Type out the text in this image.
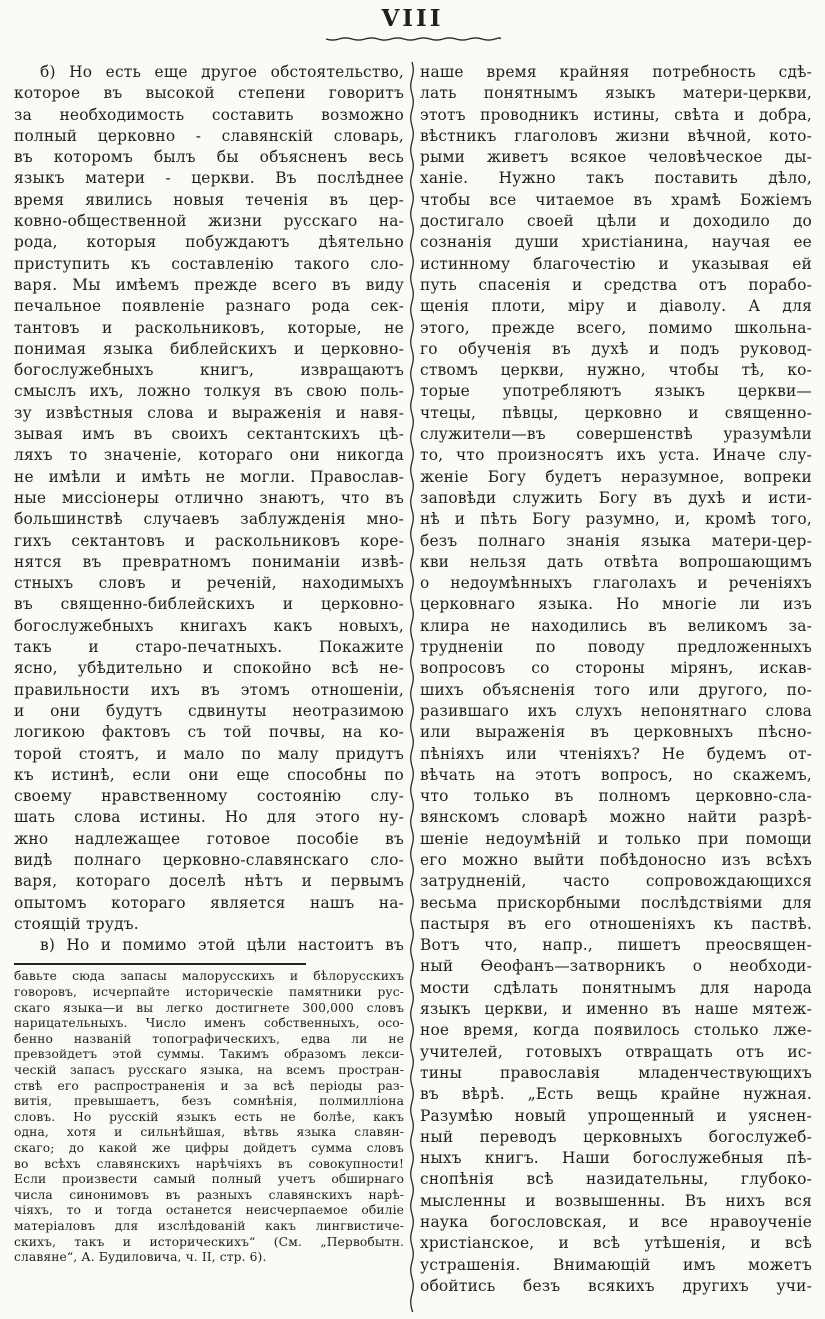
VIII
б) Но есть еще другое обстоятельство,
которое въ высокой степени говоритъ
за необходимость составить возможно
полный церковно - славянскій словарь,
въ которомъ былъ бы объясненъ весь
языкъ матери - церкви. Въ послѣднее
время явились новыя теченія въ цер-
ковно-общественной жизни русскаго на-
рода, которыя побуждаютъ дѣятельно
приступить къ составленію такого сло-
варя. Мы имѣемъ прежде всего въ виду
печальное появленіе разнаго рода сек-
тантовъ и раскольниковъ, которые, не
понимая языка библейскихъ и церковно-
богослужебныхъ книгъ, извращаютъ
смыслъ ихъ, ложно толкуя въ свою поль-
зу извѣстныя слова и выраженія и навя-
зывая имъ въ своихъ сектантскихъ цѣ-
ляхъ то значеніе, котораго они никогда
не имѣли и имѣть не могли. Православ-
ные миссіонеры отлично знаютъ, что въ
большинствѣ случаевъ заблужденія мно-
гихъ сектантовъ и раскольниковъ коре-
нятся въ превратномъ пониманіи извѣ-
стныхъ словъ и реченій, находимыхъ
въ священно-библейскихъ и церковно-
богослужебныхъ книгахъ какъ новыхъ,
такъ и старо-печатныхъ. Покажите
ясно, убѣдительно и спокойно всѣ не-
правильности ихъ въ этомъ отношеніи,
и они будутъ сдвинуты неотразимою
логикою фактовъ съ той почвы, на ко-
торой стоятъ, и мало по малу придутъ
къ истинѣ, если они еще способны по
своему нравственному состоянію слу-
шать слова истины. Но для этого ну-
жно надлежащее готовое пособіе въ
видѣ полнаго церковно-славянскаго сло-
варя, котораго доселѣ нѣтъ и первымъ
опытомъ котораго является нашъ на-
стоящій трудъ.
в) Но и помимо этой цѣли настоитъ въ
бавьте сюда запасы малорусскихъ и бѣлорусскихъ
говоровъ, исчерпайте историческіе памятники рус-
скаго языка—и вы легко достигнете 300,000 словъ
нарицательныхъ. Число именъ собственныхъ, осо-
бенно названій топографическихъ, едва ли не
превзойдетъ этой суммы. Такимъ образомъ лекси-
ческій запасъ русскаго языка, на всемъ простран-
ствѣ его распространенія и за всѣ періоды раз-
витія, превышаетъ, безъ сомнѣнія, полмилліона
словъ. Но русскій языкъ есть не болѣе, какъ
одна, хотя и сильнѣйшая, вѣтвь языка славян-
скаго; до какой же цифры дойдетъ сумма словъ
во всѣхъ славянскихъ нарѣчіяхъ въ совокупности!
Если произвести самый полный учетъ обширнаго
числа синонимовъ въ разныхъ славянскихъ нарѣ-
чіяхъ, то и тогда останется неисчерпаемое обиліе
матеріаловъ для изслѣдованій какъ лингвистиче-
скихъ, такъ и историческихъ“ (См. „Первобытн.
славяне“, А. Будиловича, ч. II, стр. 6).
наше время крайняя потребность сдѣ-
лать понятнымъ языкъ матери-церкви,
этотъ проводникъ истины, свѣта и добра,
вѣстникъ глаголовъ жизни вѣчной, кото-
рыми живетъ всякое человѣческое ды-
ханіе. Нужно такъ поставить дѣло,
чтобы все читаемое въ храмѣ Божіемъ
достигало своей цѣли и доходило до
сознанія души христіанина, научая ее
истинному благочестію и указывая ей
путь спасенія и средства отъ порабо-
щенія плоти, міру и діаволу. А для
этого, прежде всего, помимо школьна-
го обученія въ духѣ и подъ руковод-
ствомъ церкви, нужно, чтобы тѣ, ко-
торые употребляютъ языкъ церкви—
чтецы, пѣвцы, церковно и священно-
служители—въ совершенствѣ уразумѣли
то, что произносятъ ихъ уста. Иначе слу-
женіе Богу будетъ неразумное, вопреки
заповѣди служить Богу въ духѣ и исти-
нѣ и пѣть Богу разумно, и, кромѣ того,
безъ полнаго знанія языка матери-цер-
кви нельзя дать отвѣта вопрошающимъ
о недоумѣнныхъ глаголахъ и реченіяхъ
церковнаго языка. Но многіе ли изъ
клира не находились въ великомъ за-
трудненіи по поводу предложенныхъ
вопросовъ со стороны мірянъ, искав-
шихъ объясненія того или другого, по-
разившаго ихъ слухъ непонятнаго слова
или выраженія въ церковныхъ пѣсно-
пѣніяхъ или чтеніяхъ? Не будемъ от-
вѣчать на этотъ вопросъ, но скажемъ,
что только въ полномъ церковно-сла-
вянскомъ словарѣ можно найти разрѣ-
шеніе недоумѣній и только при помощи
его можно выйти побѣдоносно изъ всѣхъ
затрудненій, часто сопровождающихся
весьма прискорбными послѣдствіями для
пастыря въ его отношеніяхъ къ паствѣ.
Вотъ что, напр., пишетъ преосвящен-
ный Ѳеофанъ—затворникъ о необходи-
мости сдѣлать понятнымъ для народа
языкъ церкви, и именно въ наше мятеж-
ное время, когда появилось столько лже-
учителей, готовыхъ отвращать отъ ис-
тины православія младенчествующихъ
въ вѣрѣ. „Есть вещь крайне нужная.
Разумѣю новый упрощенный и уяснен-
ный переводъ церковныхъ богослужеб-
ныхъ книгъ. Наши богослужебныя пѣ-
снопѣнія всѣ назидательны, глубоко-
мысленны и возвышенны. Въ нихъ вся
наука богословская, и все нравоученіе
христіанское, и всѣ утѣшенія, и всѣ
устрашенія. Внимающій имъ можетъ
обойтись безъ всякихъ другихъ учи-
